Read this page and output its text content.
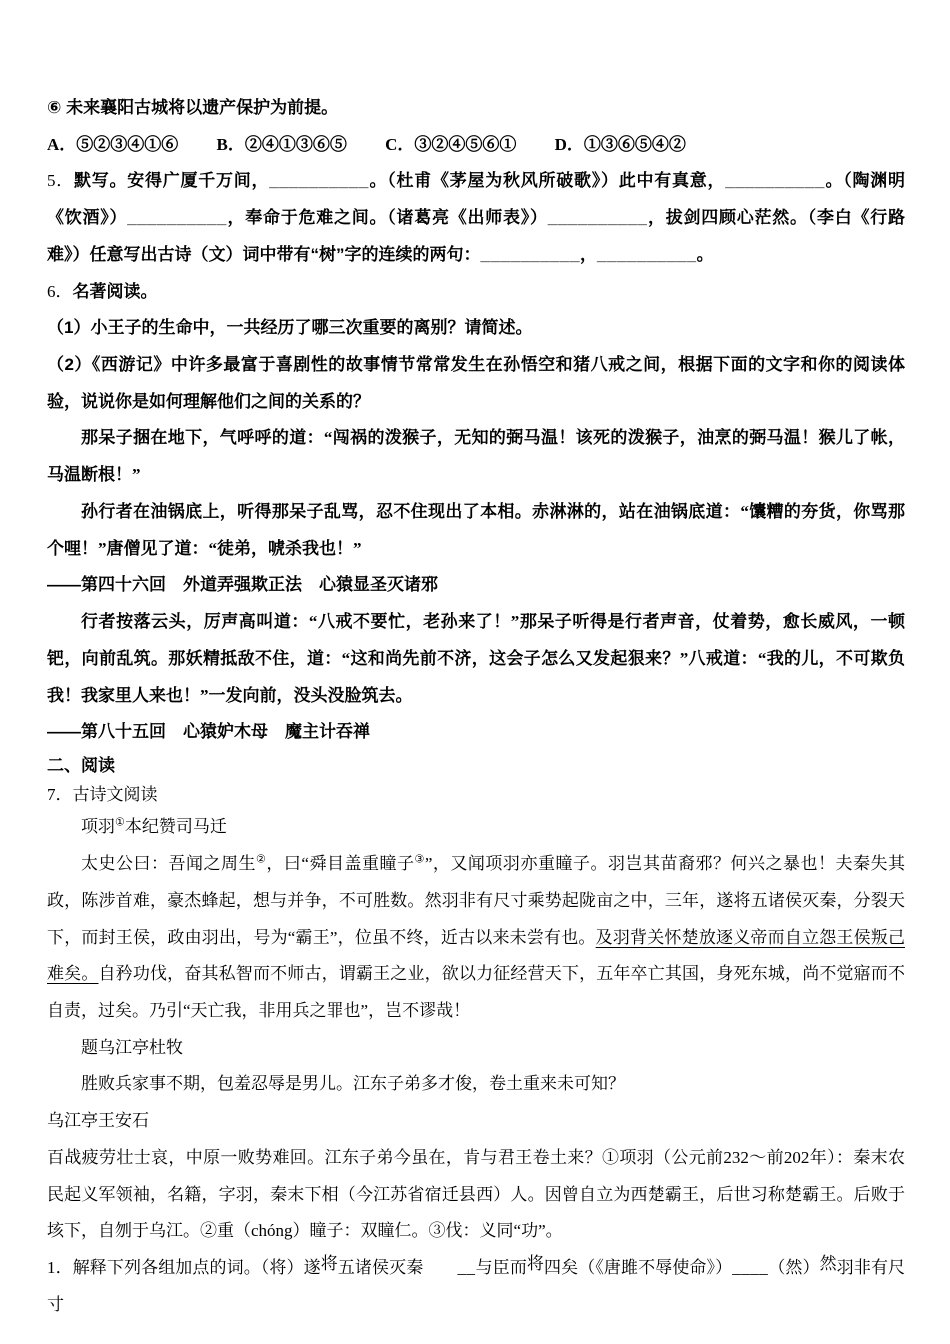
⑥ 未来襄阳古城将以遗产保护为前提。

A．⑤②③④①⑥　　 B．②④①③⑥⑤　　 C．③②④⑤⑥①　　 D．①③⑥⑤④②

5．默写。安得广厦千万间，__________。（杜甫《茅屋为秋风所破歌》）此中有真意，__________。（陶渊明《饮酒》）__________，奉命于危难之间。（诸葛亮《出师表》）__________，拔剑四顾心茫然。（李白《行路难》）任意写出古诗（文）词中带有“树”字的连续的两句：__________，__________。

6．名著阅读。

（1）小王子的生命中，一共经历了哪三次重要的离别？请简述。

（2）《西游记》中许多最富于喜剧性的故事情节常常发生在孙悟空和猪八戒之间，根据下面的文字和你的阅读体验，说说你是如何理解他们之间的关系的？

那呆子捆在地下，气呼呼的道：“闯祸的泼猴子，无知的弼马温！该死的泼猴子，油烹的弼马温！猴儿了帐，马温断根！”

孙行者在油锅底上，听得那呆子乱骂，忍不住现出了本相。赤淋淋的，站在油锅底道：“馕糟的夯货，你骂那个哩！”唐僧见了道：“徒弟，唬杀我也！”

——第四十六回　外道弄强欺正法　心猿显圣灭诸邪

行者按落云头，厉声高叫道：“八戒不要忙，老孙来了！”那呆子听得是行者声音，仗着势，愈长威风，一顿钯，向前乱筑。那妖精抵敌不住，道：“这和尚先前不济，这会子怎么又发起狠来？”八戒道：“我的儿，不可欺负我！我家里人来也！”一发向前，没头没脸筑去。

——第八十五回　心猿妒木母　魔主计吞禅

二、阅读

7．古诗文阅读

项羽①本纪赞司马迁

太史公曰：吾闻之周生②，曰“舜目盖重瞳子③”，又闻项羽亦重瞳子。羽岂其苗裔邪？何兴之暴也！夫秦失其政，陈涉首难，豪杰蜂起，想与并争，不可胜数。然羽非有尺寸乘势起陇亩之中，三年，遂将五诸侯灭秦，分裂天下，而封王侯，政由羽出，号为“霸王”，位虽不终，近古以来未尝有也。及羽背关怀楚放逐义帝而自立怨王侯叛己难矣。自矜功伐，奋其私智而不师古，谓霸王之业，欲以力征经营天下，五年卒亡其国，身死东城，尚不觉寤而不自责，过矣。乃引“天亡我，非用兵之罪也”，岂不谬哉！

题乌江亭杜牧

胜败兵家事不期，包羞忍辱是男儿。江东子弟多才俊，卷土重来未可知？

乌江亭王安石

百战疲劳壮士哀，中原一败势难回。江东子弟今虽在，肯与君王卷土来？①项羽（公元前232～前202年）：秦末农民起义军领袖，名籍，字羽，秦末下相（今江苏省宿迁县西）人。因曾自立为西楚霸王，后世习称楚霸王。后败于垓下，自刎于乌江。②重（chóng）瞳子：双瞳仁。③伐：义同“功”。

1．解释下列各组加点的词。（将）遂将五诸侯灭秦　　__与臣而将四矣（《唐雎不辱使命》）____（然）然羽非有尺寸
